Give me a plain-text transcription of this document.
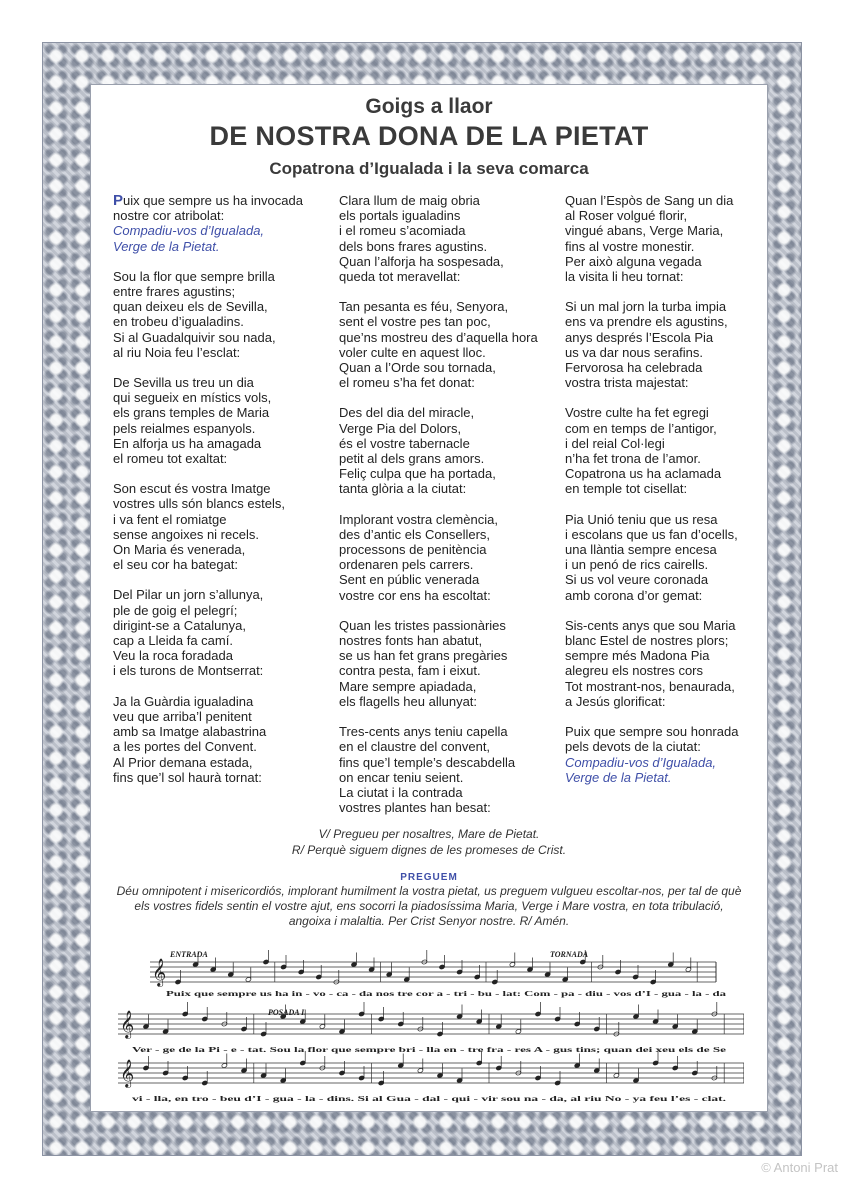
Goigs a llaor
DE NOSTRA DONA DE LA PIETAT
Copatrona d’Igualada i la seva comarca
Puix que sempre us ha invocada
nostre cor atribolat:
Compadiu-vos d’Igualada,
Verge de la Pietat.
Sou la flor que sempre brilla
entre frares agustins;
quan deixeu els de Sevilla,
en trobeu d’igualadins.
Si al Guadalquivir sou nada,
al riu Noia feu l’esclat:
De Sevilla us treu un dia
qui segueix en místics vols,
els grans temples de Maria
pels reialmes espanyols.
En alforja us ha amagada
el romeu tot exaltat:
Son escut és vostra Imatge
vostres ulls són blancs estels,
i va fent el romiatge
sense angoixes ni recels.
On Maria és venerada,
el seu cor ha bategat:
Del Pilar un jorn s’allunya,
ple de goig el pelegrí;
dirigint-se a Catalunya,
cap a Lleida fa camí.
Veu la roca foradada
i els turons de Montserrat:
Ja la Guàrdia igualadina
veu que arriba’l penitent
amb sa Imatge alabastrina
a les portes del Convent.
Al Prior demana estada,
fins que’l sol haurà tornat:
Clara llum de maig obria
els portals igualadins
i el romeu s’acomiada
dels bons frares agustins.
Quan l’alforja ha sospesada,
queda tot meravellat:
Tan pesanta es féu, Senyora,
sent el vostre pes tan poc,
que’ns mostreu des d’aquella hora
voler culte en aquest lloc.
Quan a l’Orde sou tornada,
el romeu s’ha fet donat:
Des del dia del miracle,
Verge Pia del Dolors,
és el vostre tabernacle
petit al dels grans amors.
Feliç culpa que ha portada,
tanta glòria a la ciutat:
Implorant vostra clemència,
des d’antic els Consellers,
processons de penitència
ordenaren pels carrers.
Sent en públic venerada
vostre cor ens ha escoltat:
Quan les tristes passionàries
nostres fonts han abatut,
se us han fet grans pregàries
contra pesta, fam i eixut.
Mare sempre apiadada,
els flagells heu allunyat:
Tres-cents anys teniu capella
en el claustre del convent,
fins que’l temple’s descabdella
on encar teniu seient.
La ciutat i la contrada
vostres plantes han besat:
Quan l’Espòs de Sang un dia
al Roser volgué florir,
vingué abans, Verge Maria,
fins al vostre monestir.
Per això alguna vegada
la visita li heu tornat:
Si un mal jorn la turba impia
ens va prendre els agustins,
anys després l’Escola Pia
us va dar nous serafins.
Fervorosa ha celebrada
vostra trista majestat:
Vostre culte ha fet egregi
com en temps de l’antigor,
i del reial Col·legi
n’ha fet trona de l’amor.
Copatrona us ha aclamada
en temple tot cisellat:
Pia Unió teniu que us resa
i escolans que us fan d’ocells,
una llàntia sempre encesa
i un penó de rics cairells.
Si us vol veure coronada
amb corona d’or gemat:
Sis-cents anys que sou Maria
blanc Estel de nostres plors;
sempre més Madona Pia
alegreu els nostres cors
Tot mostrant-nos, benaurada,
a Jesús glorificat:
Puix que sempre sou honrada
pels devots de la ciutat:
Compadiu-vos d’Igualada,
Verge de la Pietat.
V/ Pregueu per nosaltres, Mare de Pietat.
R/ Perquè siguem dignes de les promeses de Crist.
PREGUEM
Déu omnipotent i misericordiós, implorant humilment la vostra pietat, us preguem vulgueu escoltar-nos, per tal de què els vostres fidels sentin el vostre ajut, ens socorri la piadosíssima Maria, Verge i Mare vostra, en tota tribulació, angoixa i malaltia. Per Crist Senyor nostre. R/ Amén.
𝄞
𝄞
𝄞
ENTRADA	TORNADA
POSADA I.
Puix que sempre us ha in - vo - ca - da nos tre cor a - tri - bu - lat: Com - pa - diu - vos d’I - gua - la - da
Ver - ge de la Pi - e - tat. Sou la flor que sempre bri - lla en - tre fra - res A - gus tins; quan dei xeu els de Se
vi - lla, en tro - beu d’I - gua - la - dins. Si al Gua - dal - qui - vir sou na - da, al riu No - ya feu l’es - clat.
© Antoni Prat
